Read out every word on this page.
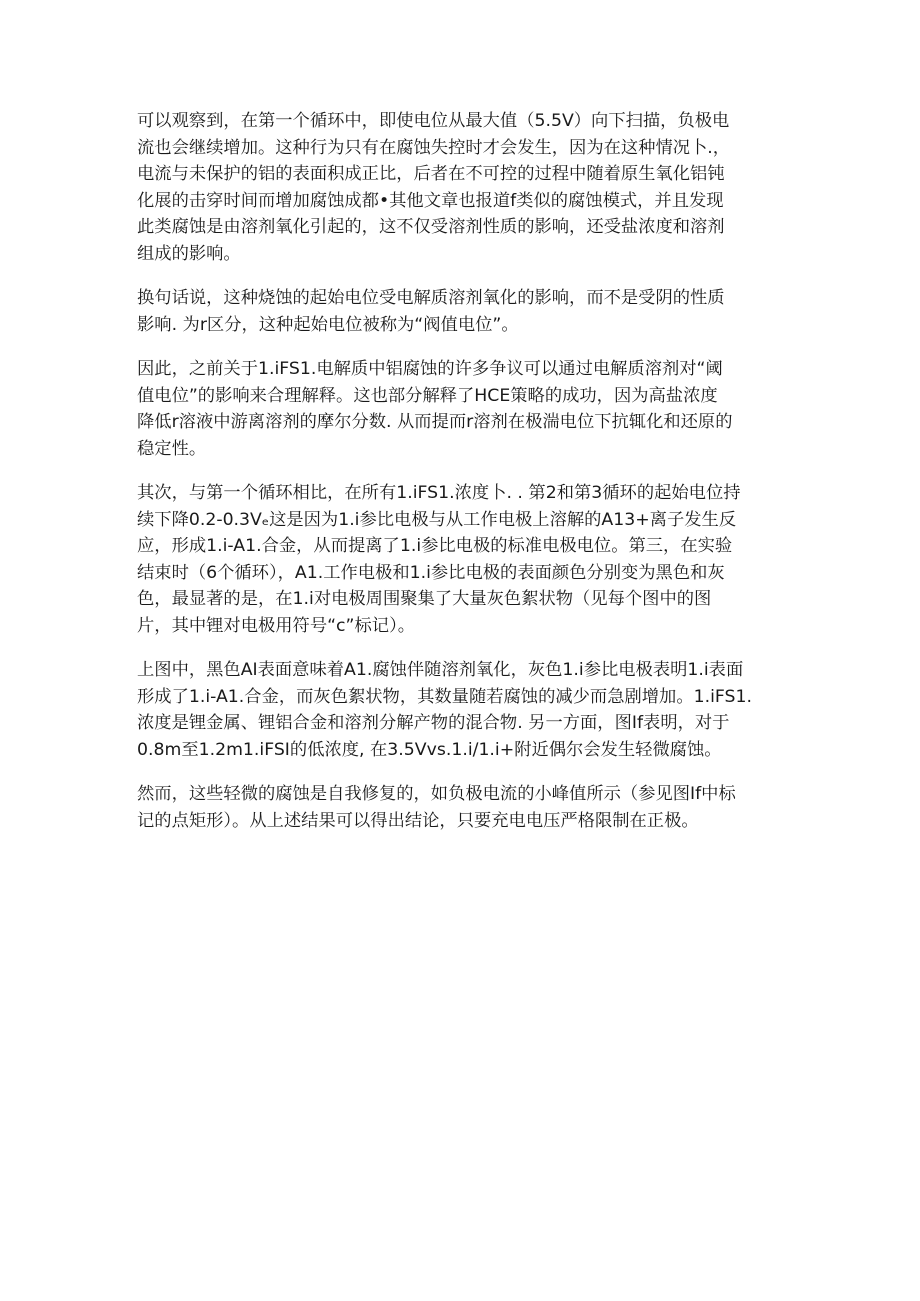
可以观察到，在第一个循环中，即使电位从最大值（5.5V）向下扫描，负极电
流也会继续增加。这种行为只有在腐蚀失控时才会发生，因为在这种情况卜.，
电流与未保护的铝的表面积成正比，后者在不可控的过程中随着原生氧化铝钝
化展的击穿时间而增加腐蚀成都•其他文章也报道f类似的腐蚀模式，并且发现
此类腐蚀是由溶剂氧化引起的，这不仅受溶剂性质的影响，还受盐浓度和溶剂
组成的影响。

换句话说，这种烧蚀的起始电位受电解质溶剂氧化的影响，而不是受阴的性质
影响. 为r区分，这种起始电位被称为“阀值电位”。

因此，之前关于1.iFS1.电解质中铝腐蚀的许多争议可以通过电解质溶剂对“阈
值电位”的影响来合理解释。这也部分解释了HCE策略的成功，因为高盐浓度
降低r溶液中游离溶剂的摩尔分数. 从而提而r溶剂在极湍电位下抗辄化和还原的
稳定性。

其次，与第一个循环相比，在所有1.iFS1.浓度卜. . 第2和第3循环的起始电位持
续下降0.2-0.3Vₑ这是因为1.i参比电极与从工作电极上溶解的A13+离子发生反
应，形成1.i-A1.合金，从而提离了1.i参比电极的标准电极电位。第三，在实验
结束时（6个循环），A1.工作电极和1.i参比电极的表面颜色分别变为黑色和灰
色，最显著的是，在1.i对电极周围聚集了大量灰色絮状物（见每个图中的图
片，其中锂对电极用符号“c”标记）。

上图中，黑色AI表面意味着A1.腐蚀伴随溶剂氧化，灰色1.i参比电极表明1.i表面
形成了1.i-A1.合金，而灰色絮状物，其数量随若腐蚀的减少而急剧增加。1.iFS1.
浓度是锂金属、锂铝合金和溶剂分解产物的混合物. 另一方面，图If表明，对于
0.8m至1.2m1.iFSI的低浓度, 在3.5Vvs.1.i∕1.i+附近偶尔会发生轻微腐蚀。

然而，这些轻微的腐蚀是自我修复的，如负极电流的小峰值所示（参见图If中标
记的点矩形）。从上述结果可以得出结论，只要充电电压严格限制在正极。
